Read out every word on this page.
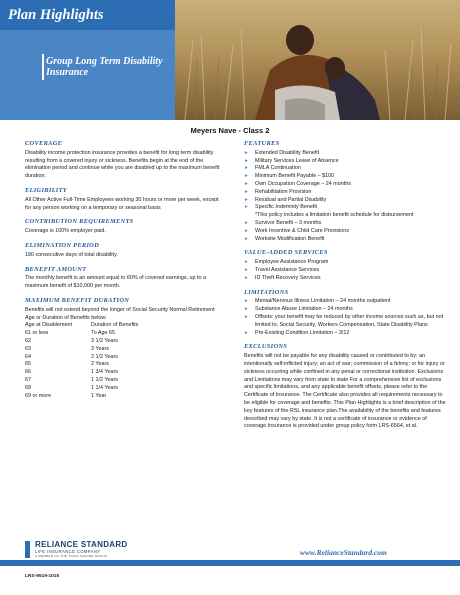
Plan Highlights
Group Long Term Disability Insurance
Meyers Nave - Class 2
COVERAGE
Disability income protection insurance provides a benefit for long term disability resulting from a covered injury or sickness. Benefits begin at the end of the elimination period and continue while you are disabled up to the maximum benefit duration.
ELIGIBILITY
All Other Active Full-Time Employees working 30 hours or more per week, except for any person working on a temporary or seasonal basis
CONTRIBUTION REQUIREMENTS
Coverage is 100% employer paid.
ELIMINATION PERIOD
180 consecutive days of total disability.
BENEFIT AMOUNT
The monthly benefit is an amount equal to 60% of covered earnings, up to a maximum benefit of $10,000 per month.
MAXIMUM BENEFIT DURATION
Benefits will not extend beyond the longer of Social Security Normal Retirement Age or Duration of Benefits below:
Age at Disablement	Duration of Benefits
61 or less	To Age 65
62	3 1/2 Years
63	3 Years
64	2 1/2 Years
65	2 Years
66	1 3/4 Years
67	1 1/2 Years
68	1 1/4 Years
69 or more	1 Year
FEATURES
▸ Extended Disability Benefit
▸ Military Services Leave of Absence
▸ FMLA Continuation
▸ Minimum Benefit Payable – $100
▸ Own Occupation Coverage – 24 months
▸ Rehabilitation Provision
▸ Residual and Partial Disability
▸ Specific Indemnity Benefit
*This policy includes a limitation benefit schedule for disbursement
▸ Survivor Benefit – 3 months
▸ Work Incentive & Child Care Provisions
▸ Worksite Modification Benefit
VALUE-ADDED SERVICES
▸ Employee Assistance Program
▸ Travel Assistance Services
▸ ID Theft Recovery Services
LIMITATIONS
▸ Mental/Nervous Illness Limitation – 24 months outpatient
▸ Substance Abuse Limitation – 24 months
▸ Offsets: your benefit may be reduced by other income sources such as, but not limited to, Social Security, Workers Compensation, State Disability Plans
▸ Pre-Existing Condition Limitation – 3/12
EXCLUSIONS
Benefits will not be payable for any disability caused or contributed to by: an intentionally self-inflicted injury; an act of war; commission of a felony; or for injury or sickness occurring while confined in any penal or correctional institution. Exclusions and Limitations may vary from state to state For a comprehensive list of exclusions and specific limitations, and any applicable benefit offsets, please refer to the Certificate of Insurance. The Certificate also provides all requirements necessary to be eligible for coverage and benefits. This Plan Highlights is a brief description of the key features of the RSL insurance plan.The availability of the benefits and features described may vary by state. It is not a certificate of insurance or evidence of coverage.Insurance is provided under group policy form LRS-6564, et al.
RELIANCE STANDARD
LIFE INSURANCE COMPANY
A MEMBER OF THE TOKIO MARINE GROUP	www.RelianceStandard.com
LRS-9519-1015
